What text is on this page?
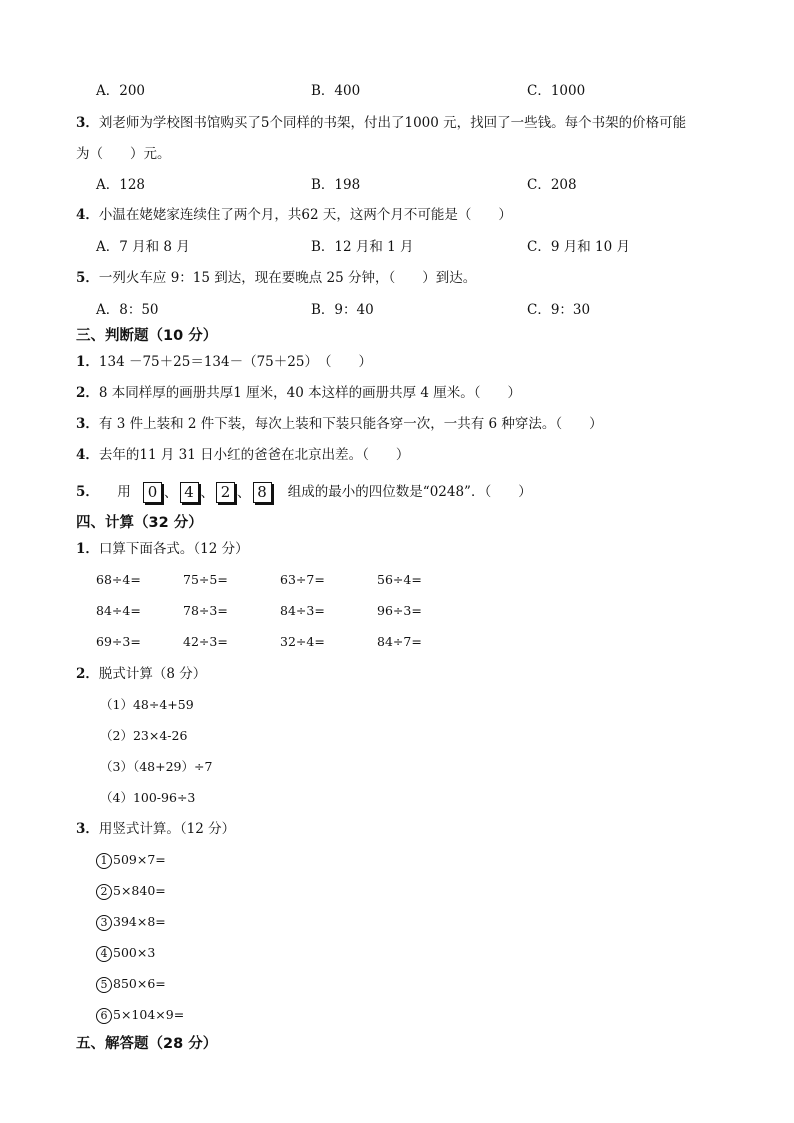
A．200	B．400	C．1000
3．刘老师为学校图书馆购买了5个同样的书架，付出了1000 元，找回了一些钱。每个书架的价格可能
为（　　）元。
A．128	B．198	C．208
4．小温在姥姥家连续住了两个月，共62 天，这两个月不可能是（　　）
A．7 月和 8 月	B．12 月和 1 月	C．9 月和 10 月
5．一列火车应 9：15 到达，现在要晚点 25 分钟，（　　）到达。
A．8：50	B．9：40	C．9：30
三、判断题（10 分）
1．134 －75＋25＝134－（75＋25）　（　　）
2．8 本同样厚的画册共厚1 厘米，40 本这样的画册共厚 4 厘米。（　　）
3．有 3 件上装和 2 件下装，每次上装和下装只能各穿一次，一共有 6 种穿法。（　　）
4．去年的11 月 31 日小红的爸爸在北京出差。（　　）
5． 用 0 、 4 、 2 、 8 组成的最小的四位数是“0248”．（　　）
四、计算（32 分）
1．口算下面各式。（12 分）
68÷4=	75÷5=	63÷7=	56÷4=
84÷4=	78÷3=	84÷3=	96÷3=
69÷3=	42÷3=	32÷4=	84÷7=
2．脱式计算（8 分）
（1）48÷4+59
（2）23×4-26
（3）（48+29）÷7
（4）100-96÷3
3．用竖式计算。（12 分）
1 509×7=
2 5×840=
3 394×8=
4 500×3
5 850×6=
6 5×104×9=
五、解答题（28 分）
